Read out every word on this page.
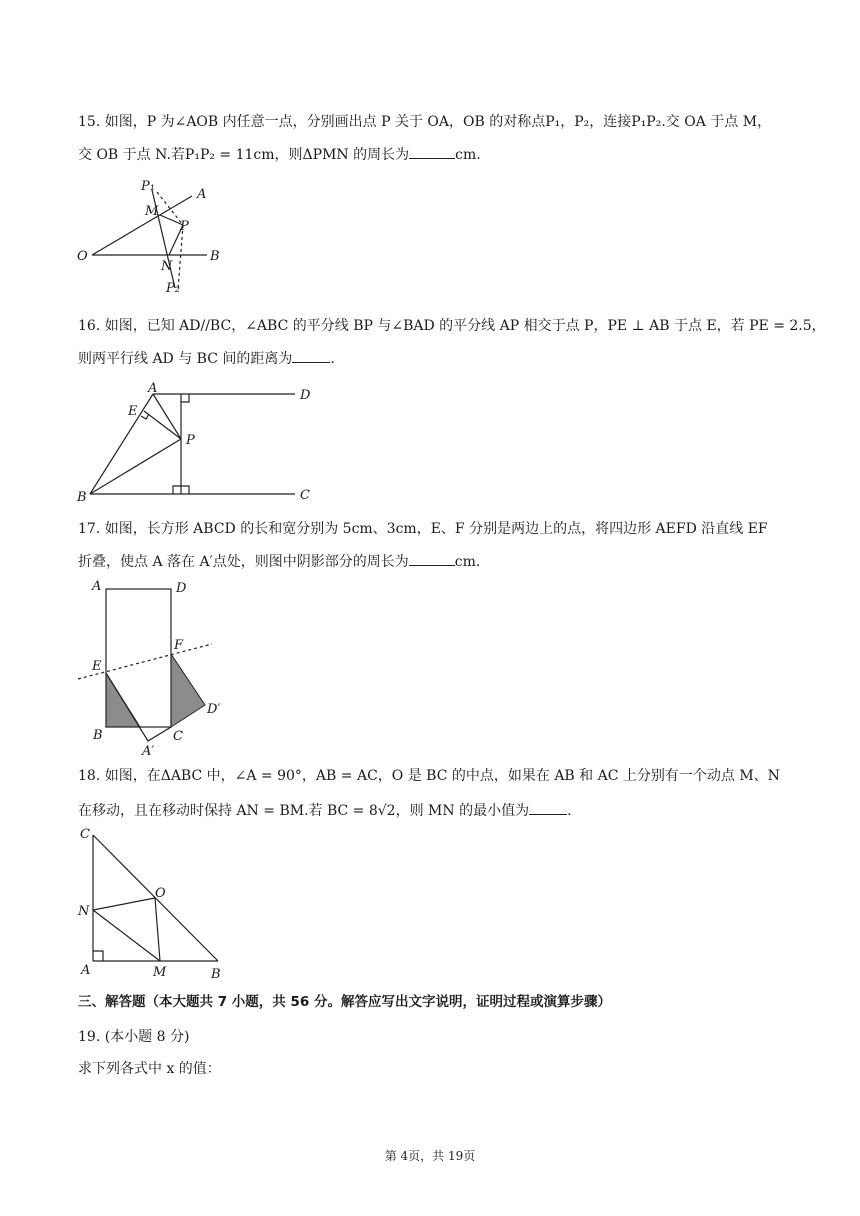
15. 如图，P 为∠AOB 内任意一点，分别画出点 P 关于 OA，OB 的对称点P₁，P₂，连接P₁P₂.交 OA 于点 M，
交 OB 于点 N.若P₁P₂ = 11cm，则ΔPMN 的周长为	cm.
P₁
A
M
P
O
N
B
P₂
16. 如图，已知 AD//BC，∠ABC 的平分线 BP 与∠BAD 的平分线 AP 相交于点 P，PE ⊥ AB 于点 E，若 PE = 2.5，
则两平行线 AD 与 BC 间的距离为	.
A	D
E
P
B	C
17. 如图，长方形 ABCD 的长和宽分别为 5cm、3cm，E、F 分别是两边上的点，将四边形 AEFD 沿直线 EF
折叠，使点 A 落在 A′点处，则图中阴影部分的周长为	cm.
A	D
F
E
D′
B	C
A′
18. 如图，在ΔABC 中，∠A = 90°，AB = AC，O 是 BC 的中点，如果在 AB 和 AC 上分别有一个动点 M、N
在移动，且在移动时保持 AN = BM.若 BC = 8√2，则 MN 的最小值为	.
C
O
N
A	M	B
三、解答题（本大题共 7 小题，共 56 分。解答应写出文字说明，证明过程或演算步骤）
19. (本小题 8 分)
求下列各式中 x 的值：
第 4页，共 19页
